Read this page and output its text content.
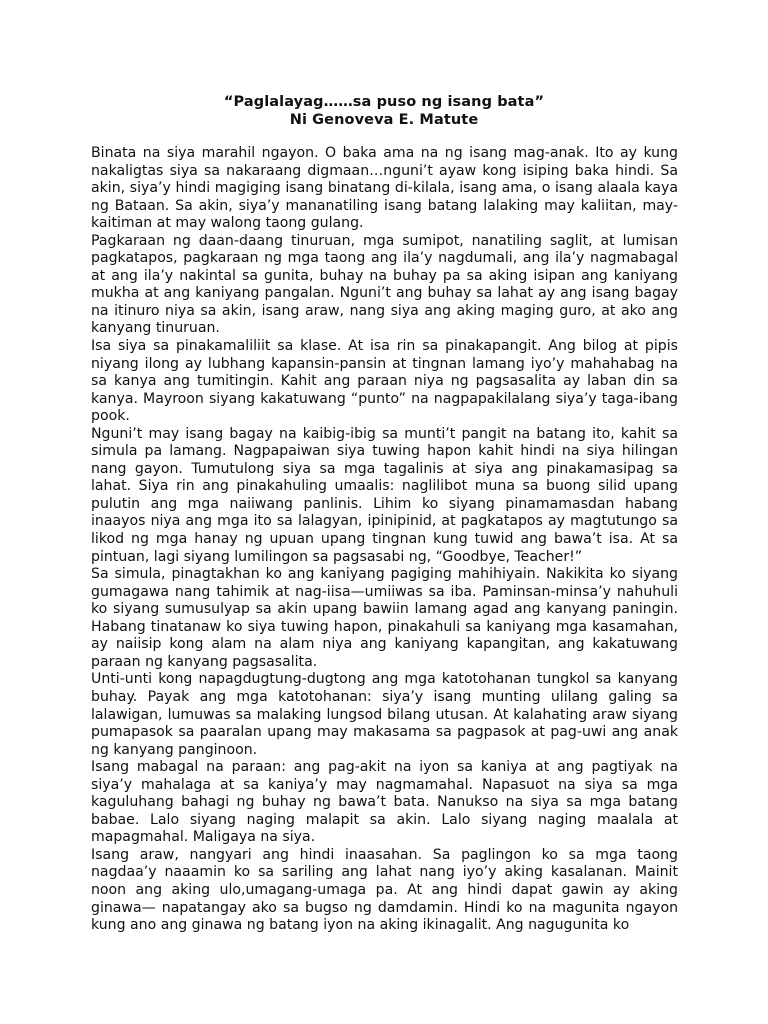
“Paglalayag……sa puso ng isang bata”
Ni Genoveva E. Matute

Binata na siya marahil ngayon. O baka ama na ng isang mag-anak. Ito ay kung nakaligtas siya sa nakaraang digmaan…nguni’t ayaw kong isiping baka hindi. Sa akin, siya’y hindi magiging isang binatang di-kilala, isang ama, o isang alaala kaya ng Bataan. Sa akin, siya’y mananatiling isang batang lalaking may kaliitan, may-kaitiman at may walong taong gulang.

Pagkaraan ng daan-daang tinuruan, mga sumipot, nanatiling saglit, at lumisan pagkatapos, pagkaraan ng mga taong ang ila’y nagdumali, ang ila’y nagmabagal at ang ila’y nakintal sa gunita, buhay na buhay pa sa aking isipan ang kaniyang mukha at ang kaniyang pangalan. Nguni’t ang buhay sa lahat ay ang isang bagay na itinuro niya sa akin, isang araw, nang siya ang aking maging guro, at ako ang kanyang tinuruan.

Isa siya sa pinakamaliliit sa klase. At isa rin sa pinakapangit. Ang bilog at pipis niyang ilong ay lubhang kapansin-pansin at tingnan lamang iyo’y mahahabag na sa kanya ang tumitingin. Kahit ang paraan niya ng pagsasalita ay laban din sa kanya. Mayroon siyang kakatuwang “punto” na nagpapakilalang siya’y taga-ibang pook.

Nguni’t may isang bagay na kaibig-ibig sa munti’t pangit na batang ito, kahit sa simula pa lamang. Nagpapaiwan siya tuwing hapon kahit hindi na siya hilingan nang gayon. Tumutulong siya sa mga tagalinis at siya ang pinakamasipag sa lahat. Siya rin ang pinakahuling umaalis: naglilibot muna sa buong silid upang pulutin ang mga naiiwang panlinis. Lihim ko siyang pinamamasdan habang inaayos niya ang mga ito sa lalagyan, ipinipinid, at pagkatapos ay magtutungo sa likod ng mga hanay ng upuan upang tingnan kung tuwid ang bawa’t isa. At sa pintuan, lagi siyang lumilingon sa pagsasabi ng, “Goodbye, Teacher!”

Sa simula, pinagtakhan ko ang kaniyang pagiging mahihiyain. Nakikita ko siyang gumagawa nang tahimik at nag-iisa—umiiwas sa iba. Paminsan-minsa’y nahuhuli ko siyang sumusulyap sa akin upang bawiin lamang agad ang kanyang paningin. Habang tinatanaw ko siya tuwing hapon, pinakahuli sa kaniyang mga kasamahan, ay naiisip kong alam na alam niya ang kaniyang kapangitan, ang kakatuwang paraan ng kanyang pagsasalita.

Unti-unti kong napagdugtung-dugtong ang mga katotohanan tungkol sa kanyang buhay. Payak ang mga katotohanan: siya’y isang munting ulilang galing sa lalawigan, lumuwas sa malaking lungsod bilang utusan. At kalahating araw siyang pumapasok sa paaralan upang may makasama sa pagpasok at pag-uwi ang anak ng kanyang panginoon.

Isang mabagal na paraan: ang pag-akit na iyon sa kaniya at ang pagtiyak na siya’y mahalaga at sa kaniya’y may nagmamahal. Napasuot na siya sa mga kaguluhang bahagi ng buhay ng bawa’t bata. Nanukso na siya sa mga batang babae. Lalo siyang naging malapit sa akin. Lalo siyang naging maalala at mapagmahal. Maligaya na siya.

Isang araw, nangyari ang hindi inaasahan. Sa paglingon ko sa mga taong nagdaa’y naaamin ko sa sariling ang lahat nang iyo’y aking kasalanan. Mainit noon ang aking ulo,umagang-umaga pa. At ang hindi dapat gawin ay aking ginawa— napatangay ako sa bugso ng damdamin. Hindi ko na magunita ngayon kung ano ang ginawa ng batang iyon na aking ikinagalit. Ang nagugunita ko
